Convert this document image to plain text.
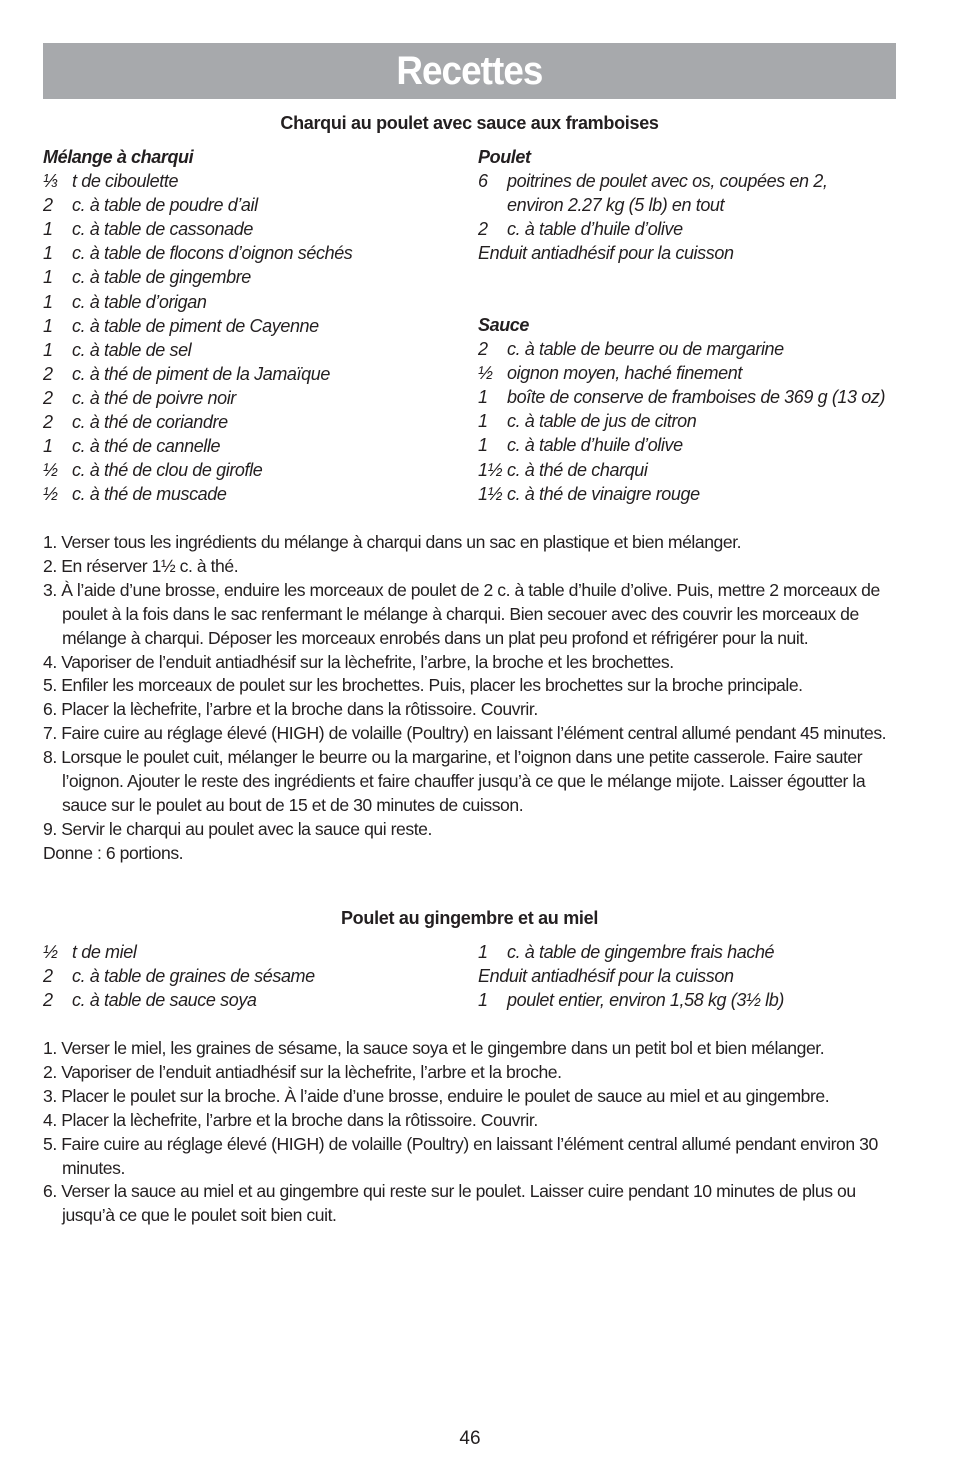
Recettes
Charqui au poulet avec sauce aux framboises
Mélange à charqui
⅓ t de ciboulette
2 c. à table de poudre d’ail
1 c. à table de cassonade
1 c. à table de flocons d’oignon séchés
1 c. à table de gingembre
1 c. à table d’origan
1 c. à table de piment de Cayenne
1 c. à table de sel
2 c. à thé de piment de la Jamaïque
2 c. à thé de poivre noir
2 c. à thé de coriandre
1 c. à thé de cannelle
½ c. à thé de clou de girofle
½ c. à thé de muscade
Poulet
6 poitrines de poulet avec os, coupées en 2,
environ 2.27 kg (5 lb) en tout
2 c. à table d’huile d’olive
Enduit antiadhésif pour la cuisson
Sauce
2 c. à table de beurre ou de margarine
½ oignon moyen, haché finement
1 boîte de conserve de framboises de 369 g (13 oz)
1 c. à table de jus de citron
1 c. à table d’huile d’olive
1½ c. à thé de charqui
1½ c. à thé de vinaigre rouge
1. Verser tous les ingrédients du mélange à charqui dans un sac en plastique et bien mélanger.
2. En réserver 1½ c. à thé.
3. À l’aide d’une brosse, enduire les morceaux de poulet de 2 c. à table d’huile d’olive. Puis, mettre 2 morceaux de poulet à la fois dans le sac renfermant le mélange à charqui. Bien secouer avec des couvrir les morceaux de mélange à charqui. Déposer les morceaux enrobés dans un plat peu profond et réfrigérer pour la nuit.
4. Vaporiser de l’enduit antiadhésif sur la lèchefrite, l’arbre, la broche et les brochettes.
5. Enfiler les morceaux de poulet sur les brochettes. Puis, placer les brochettes sur la broche principale.
6. Placer la lèchefrite, l’arbre et la broche dans la rôtissoire. Couvrir.
7. Faire cuire au réglage élevé (HIGH) de volaille (Poultry) en laissant l’élément central allumé pendant 45 minutes.
8. Lorsque le poulet cuit, mélanger le beurre ou la margarine, et l’oignon dans une petite casserole. Faire sauter l’oignon. Ajouter le reste des ingrédients et faire chauffer jusqu’à ce que le mélange mijote. Laisser égoutter la sauce sur le poulet au bout de 15 et de 30 minutes de cuisson.
9. Servir le charqui au poulet avec la sauce qui reste.
Donne : 6 portions.
Poulet au gingembre et au miel
½ t de miel
2 c. à table de graines de sésame
2 c. à table de sauce soya
1 c. à table de gingembre frais haché
Enduit antiadhésif pour la cuisson
1 poulet entier, environ 1,58 kg (3½ lb)
1. Verser le miel, les graines de sésame, la sauce soya et le gingembre dans un petit bol et bien mélanger.
2. Vaporiser de l’enduit antiadhésif sur la lèchefrite, l’arbre et la broche.
3. Placer le poulet sur la broche. À l’aide d’une brosse, enduire le poulet de sauce au miel et au gingembre.
4. Placer la lèchefrite, l’arbre et la broche dans la rôtissoire. Couvrir.
5. Faire cuire au réglage élevé (HIGH) de volaille (Poultry) en laissant l’élément central allumé pendant environ 30 minutes.
6. Verser la sauce au miel et au gingembre qui reste sur le poulet. Laisser cuire pendant 10 minutes de plus ou jusqu’à ce que le poulet soit bien cuit.
46
